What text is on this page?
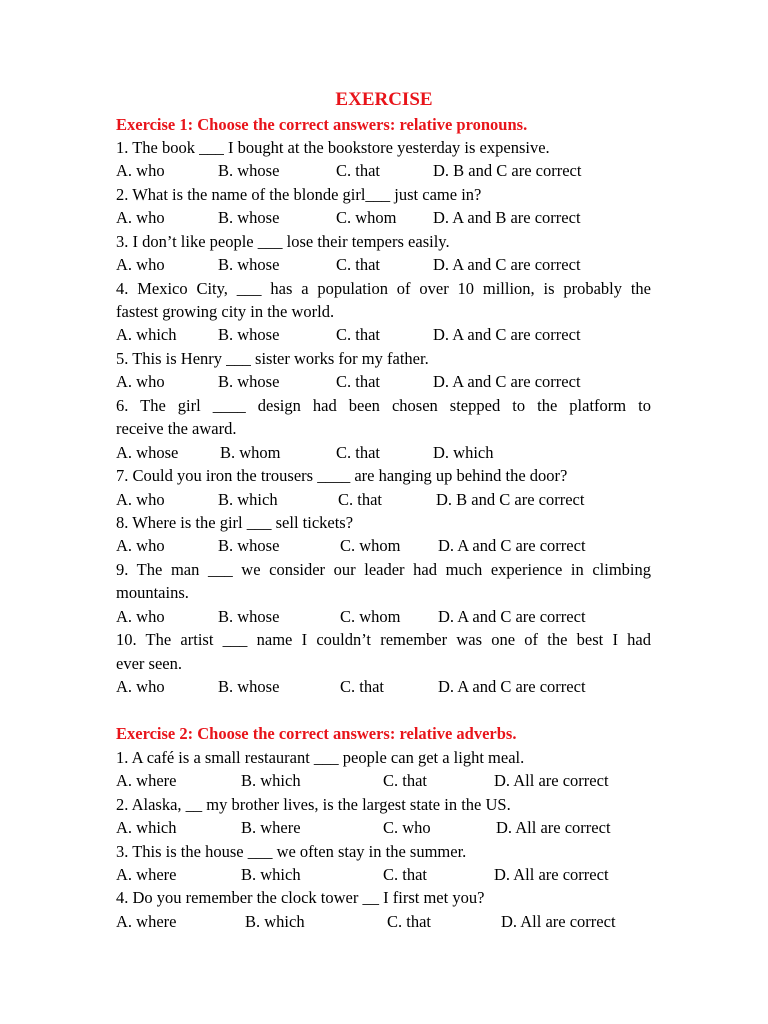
EXERCISE
Exercise 1: Choose the correct answers: relative pronouns.
1. The book ___ I bought at the bookstore yesterday is expensive.
A. who	B. whose	C. that	D. B and C are correct
2. What is the name of the blonde girl___ just came in?
A. who	B. whose	C. whom D. A and B are correct
3. I don’t like people ___ lose their tempers easily.
A. who	B. whose	C. that	D. A and C are correct
4. Mexico City, ___ has a population of over 10 million, is probably the
fastest growing city in the world.
A. which	B. whose	C. that	D. A and C are correct
5. This is Henry ___ sister works for my father.
A. who	B. whose	C. that	D. A and C are correct
6. The girl ____ design had been chosen stepped to the platform to
receive the award.
A. whose	B. whom	C. that	D. which
7. Could you iron the trousers ____ are hanging up behind the door?
A. who	B. which	C. that	D. B and C are correct
8. Where is the girl ___ sell tickets?
A. who	B. whose	C. whom D. A and C are correct
9. The man ___ we consider our leader had much experience in climbing
mountains.
A. who	B. whose	C. whom D. A and C are correct
10. The artist ___ name I couldn’t remember was one of the best I had
ever seen.
A. who	B. whose	C. that	D. A and C are correct
Exercise 2: Choose the correct answers: relative adverbs.
1. A café is a small restaurant ___ people can get a light meal.
A. where	B. which	C. that	D. All are correct
2. Alaska, __ my brother lives, is the largest state in the US.
A. which	B. where	C. who	D. All are correct
3. This is the house ___ we often stay in the summer.
A. where	B. which	C. that	D. All are correct
4. Do you remember the clock tower __ I first met you?
A. where	B. which	C. that	D. All are correct
